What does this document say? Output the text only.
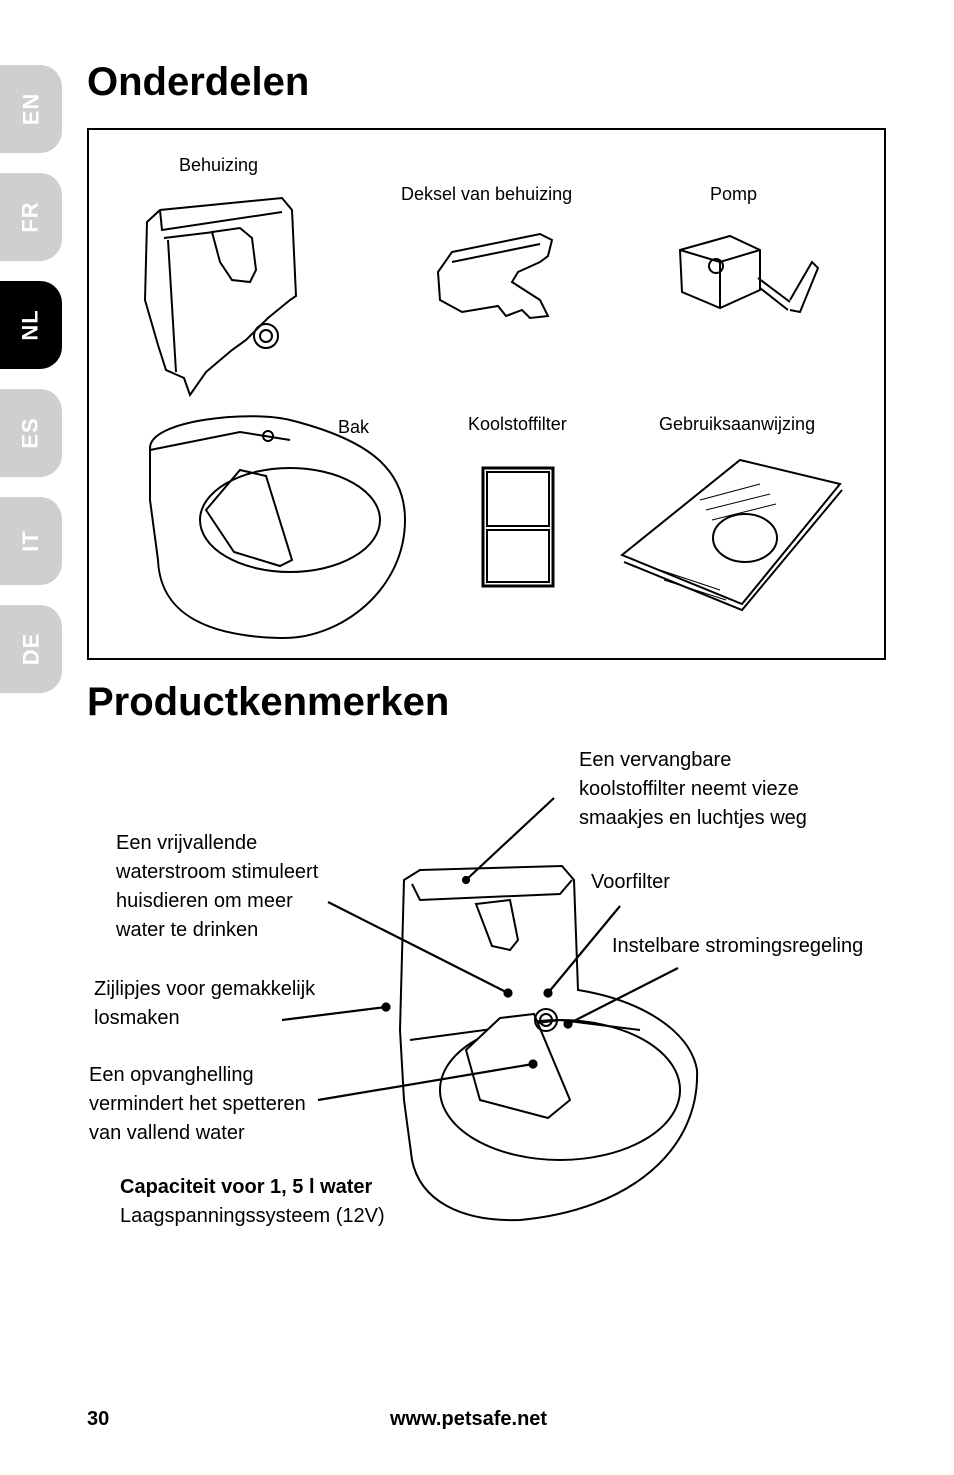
EN
FR
NL
ES
IT
DE
Onderdelen
Behuizing
Deksel van behuizing	Pomp
Bak	Koolstoffilter	Gebruiksaanwijzing
Productkenmerken
Een vervangbare
koolstoffilter neemt vieze
smaakjes en luchtjes weg
Een vrijvallende
waterstroom stimuleert
huisdieren om meer
water te drinken
Voorfilter
Instelbare stromingsregeling
Zijlipjes voor gemakkelijk
losmaken
Een opvanghelling
vermindert het spetteren
van vallend water
Capaciteit voor 1, 5 l water
Laagspanningssysteem (12V)
30	www.petsafe.net
